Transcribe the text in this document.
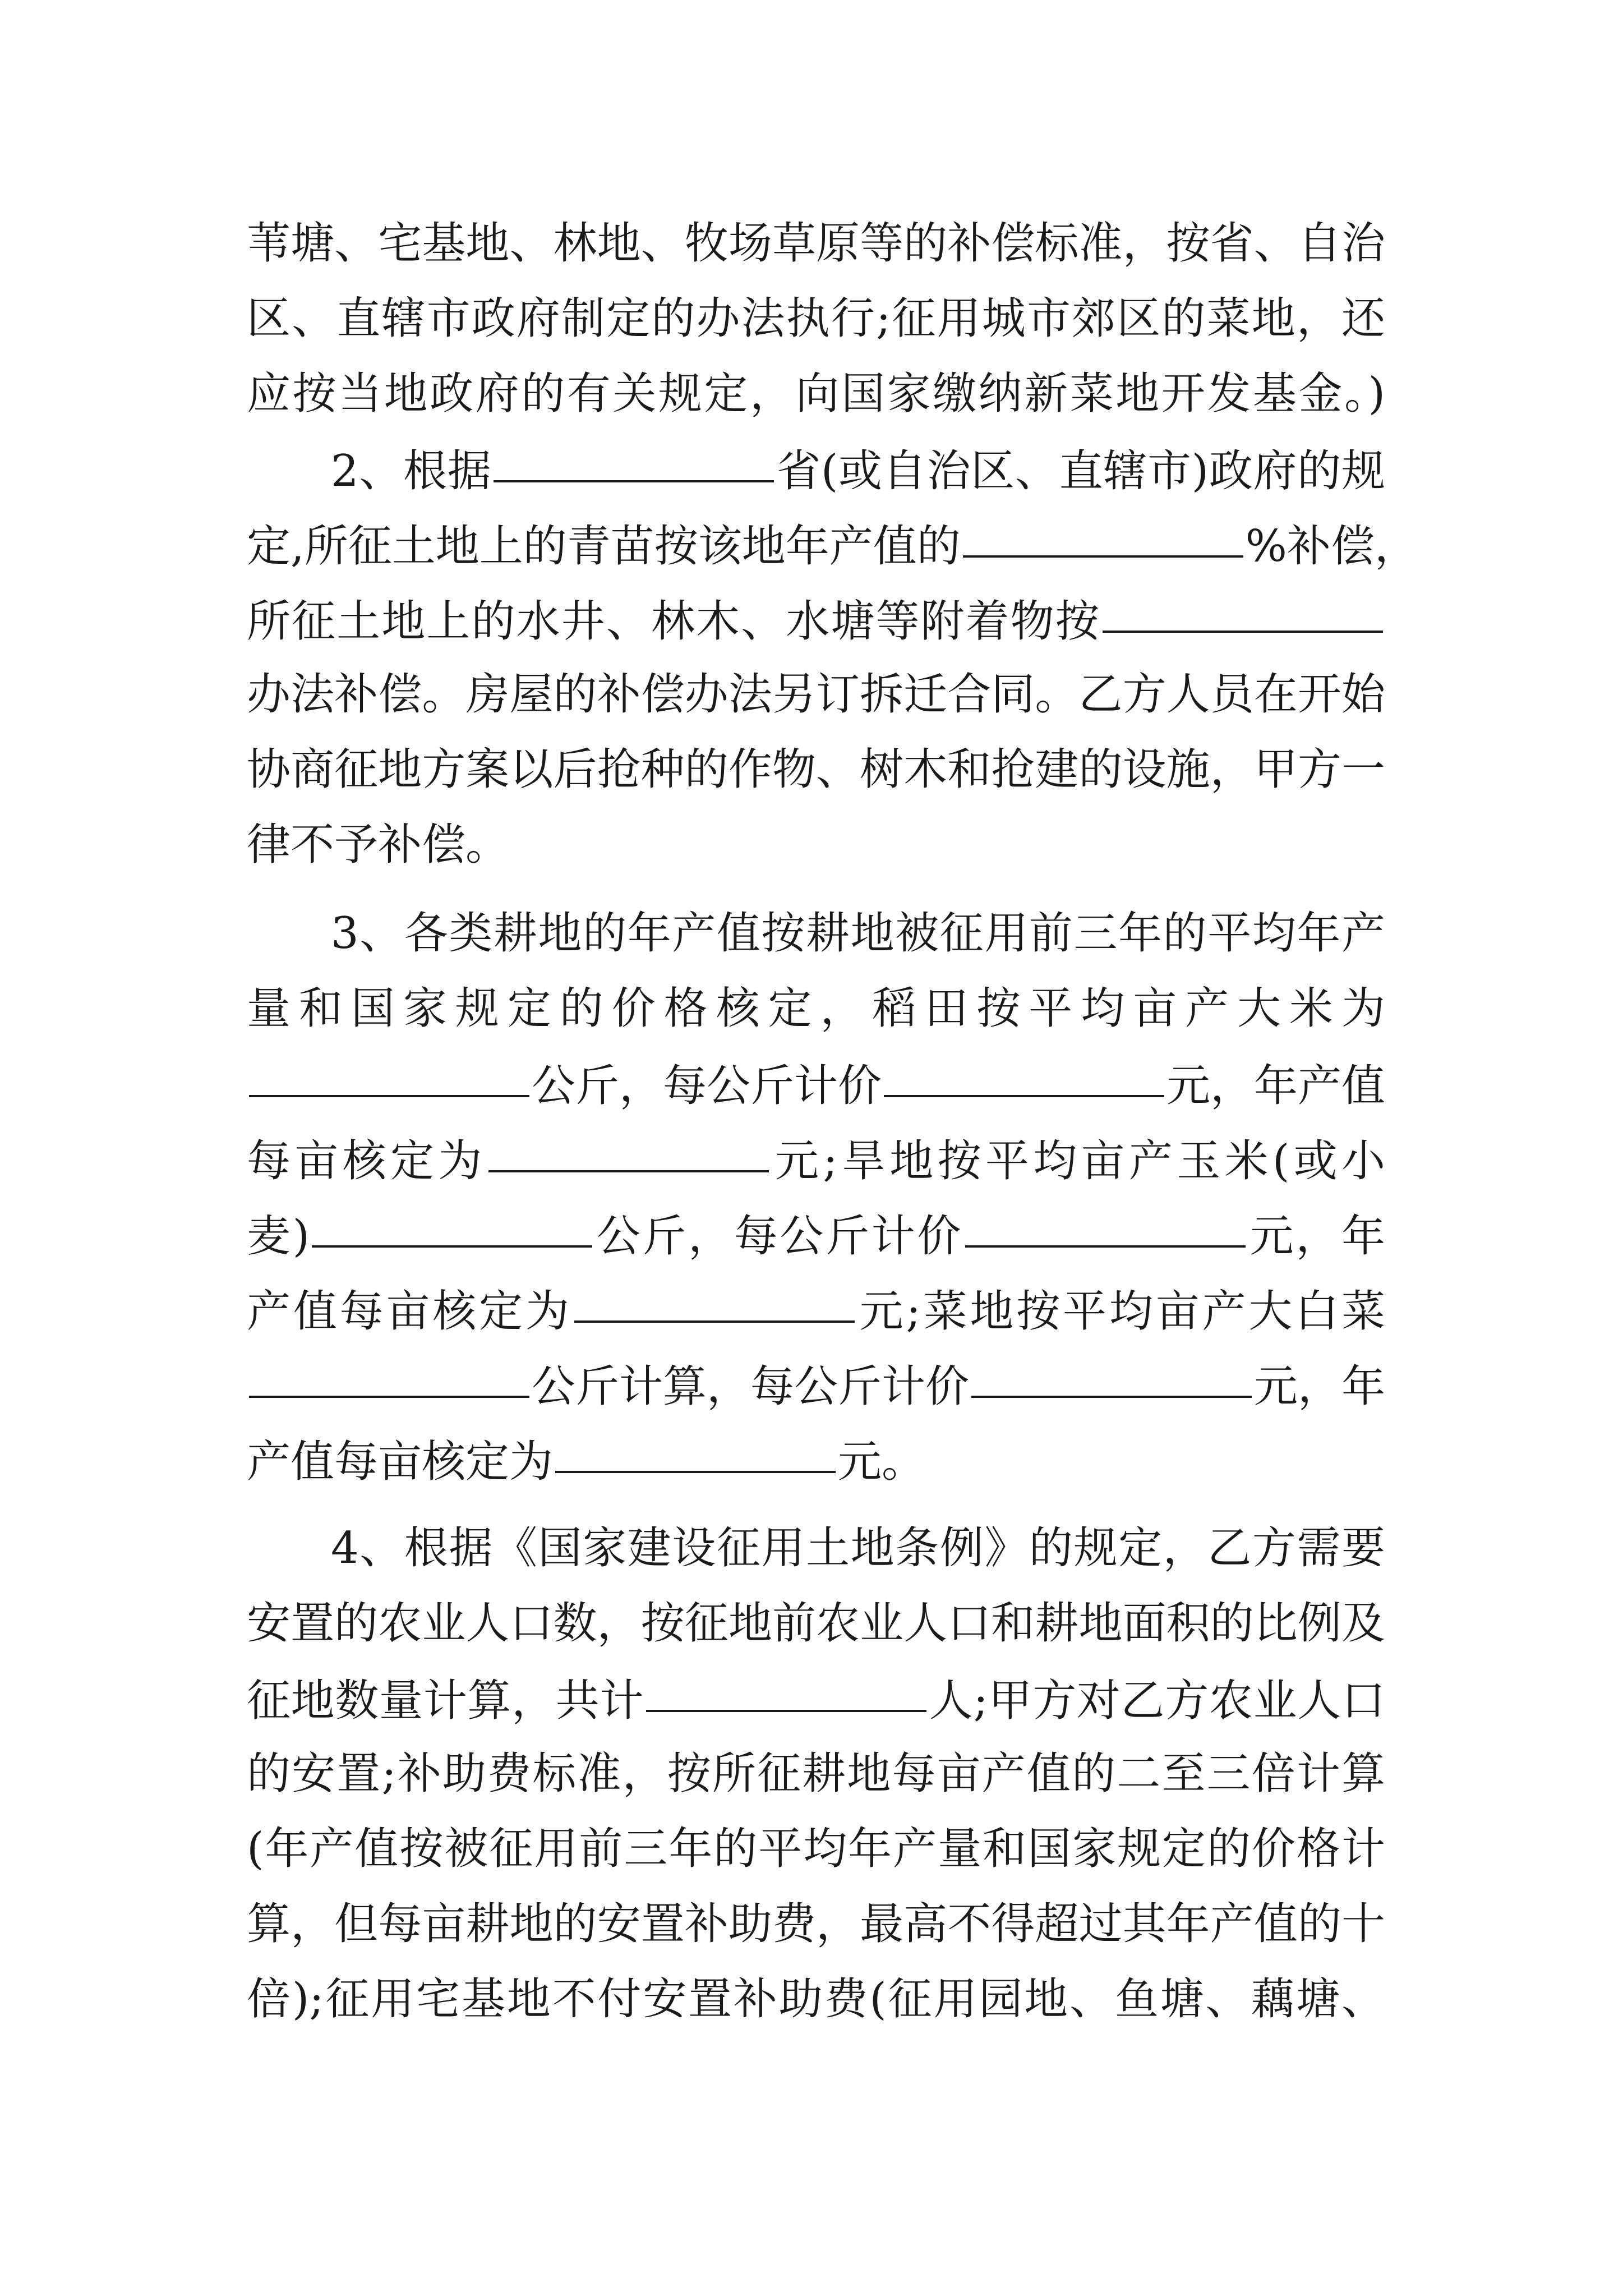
苇塘、宅基地、林地、牧场草原等的补偿标准，按省、自治
区、直辖市政府制定的办法执行;征用城市郊区的菜地，还
应按当地政府的有关规定，向国家缴纳新菜地开发基金。)
2、根据	省(或自治区、直辖市)政府的规
定,所征土地上的青苗按该地年产值的	%补偿，
所征土地上的水井、林木、水塘等附着物按
办法补偿。房屋的补偿办法另订拆迁合同。乙方人员在开始
协商征地方案以后抢种的作物、树木和抢建的设施，甲方一
律不予补偿。
3、各类耕地的年产值按耕地被征用前三年的平均年产
量和国家规定的价格核定，稻田按平均亩产大米为
公斤，每公斤计价	元，年产值
每亩核定为	元;旱地按平均亩产玉米(或小
麦)	公斤，每公斤计价	元，年
产值每亩核定为	元;菜地按平均亩产大白菜
公斤计算，每公斤计价	元，年
产值每亩核定为	元。
4、根据《国家建设征用土地条例》的规定，乙方需要
安置的农业人口数，按征地前农业人口和耕地面积的比例及
征地数量计算，共计	人;甲方对乙方农业人口
的安置;补助费标准，按所征耕地每亩产值的二至三倍计算
(年产值按被征用前三年的平均年产量和国家规定的价格计
算，但每亩耕地的安置补助费，最高不得超过其年产值的十
倍);征用宅基地不付安置补助费(征用园地、鱼塘、藕塘、
